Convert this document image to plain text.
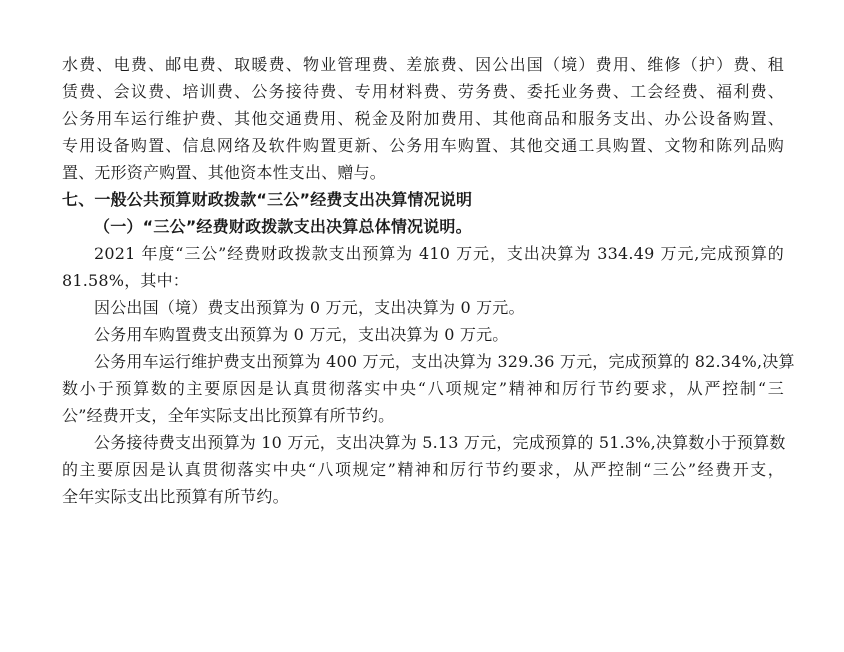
水费、电费、邮电费、取暖费、物业管理费、差旅费、因公出国（境）费用、维修（护）费、租
赁费、会议费、培训费、公务接待费、专用材料费、劳务费、委托业务费、工会经费、福利费、
公务用车运行维护费、其他交通费用、税金及附加费用、其他商品和服务支出、办公设备购置、
专用设备购置、信息网络及软件购置更新、公务用车购置、其他交通工具购置、文物和陈列品购
置、无形资产购置、其他资本性支出、赠与。
七、一般公共预算财政拨款“三公”经费支出决算情况说明
（一）“三公”经费财政拨款支出决算总体情况说明。
2021 年度“三公”经费财政拨款支出预算为 410 万元，支出决算为 334.49 万元,完成预算的
81.58%，其中：
因公出国（境）费支出预算为 0 万元，支出决算为 0 万元。
公务用车购置费支出预算为 0 万元，支出决算为 0 万元。
公务用车运行维护费支出预算为 400 万元，支出决算为 329.36 万元，完成预算的 82.34%,决算
数小于预算数的主要原因是认真贯彻落实中央“八项规定”精神和厉行节约要求，从严控制“三
公”经费开支，全年实际支出比预算有所节约。
公务接待费支出预算为 10 万元，支出决算为 5.13 万元，完成预算的 51.3%,决算数小于预算数
的主要原因是认真贯彻落实中央“八项规定”精神和厉行节约要求，从严控制“三公”经费开支，
全年实际支出比预算有所节约。
